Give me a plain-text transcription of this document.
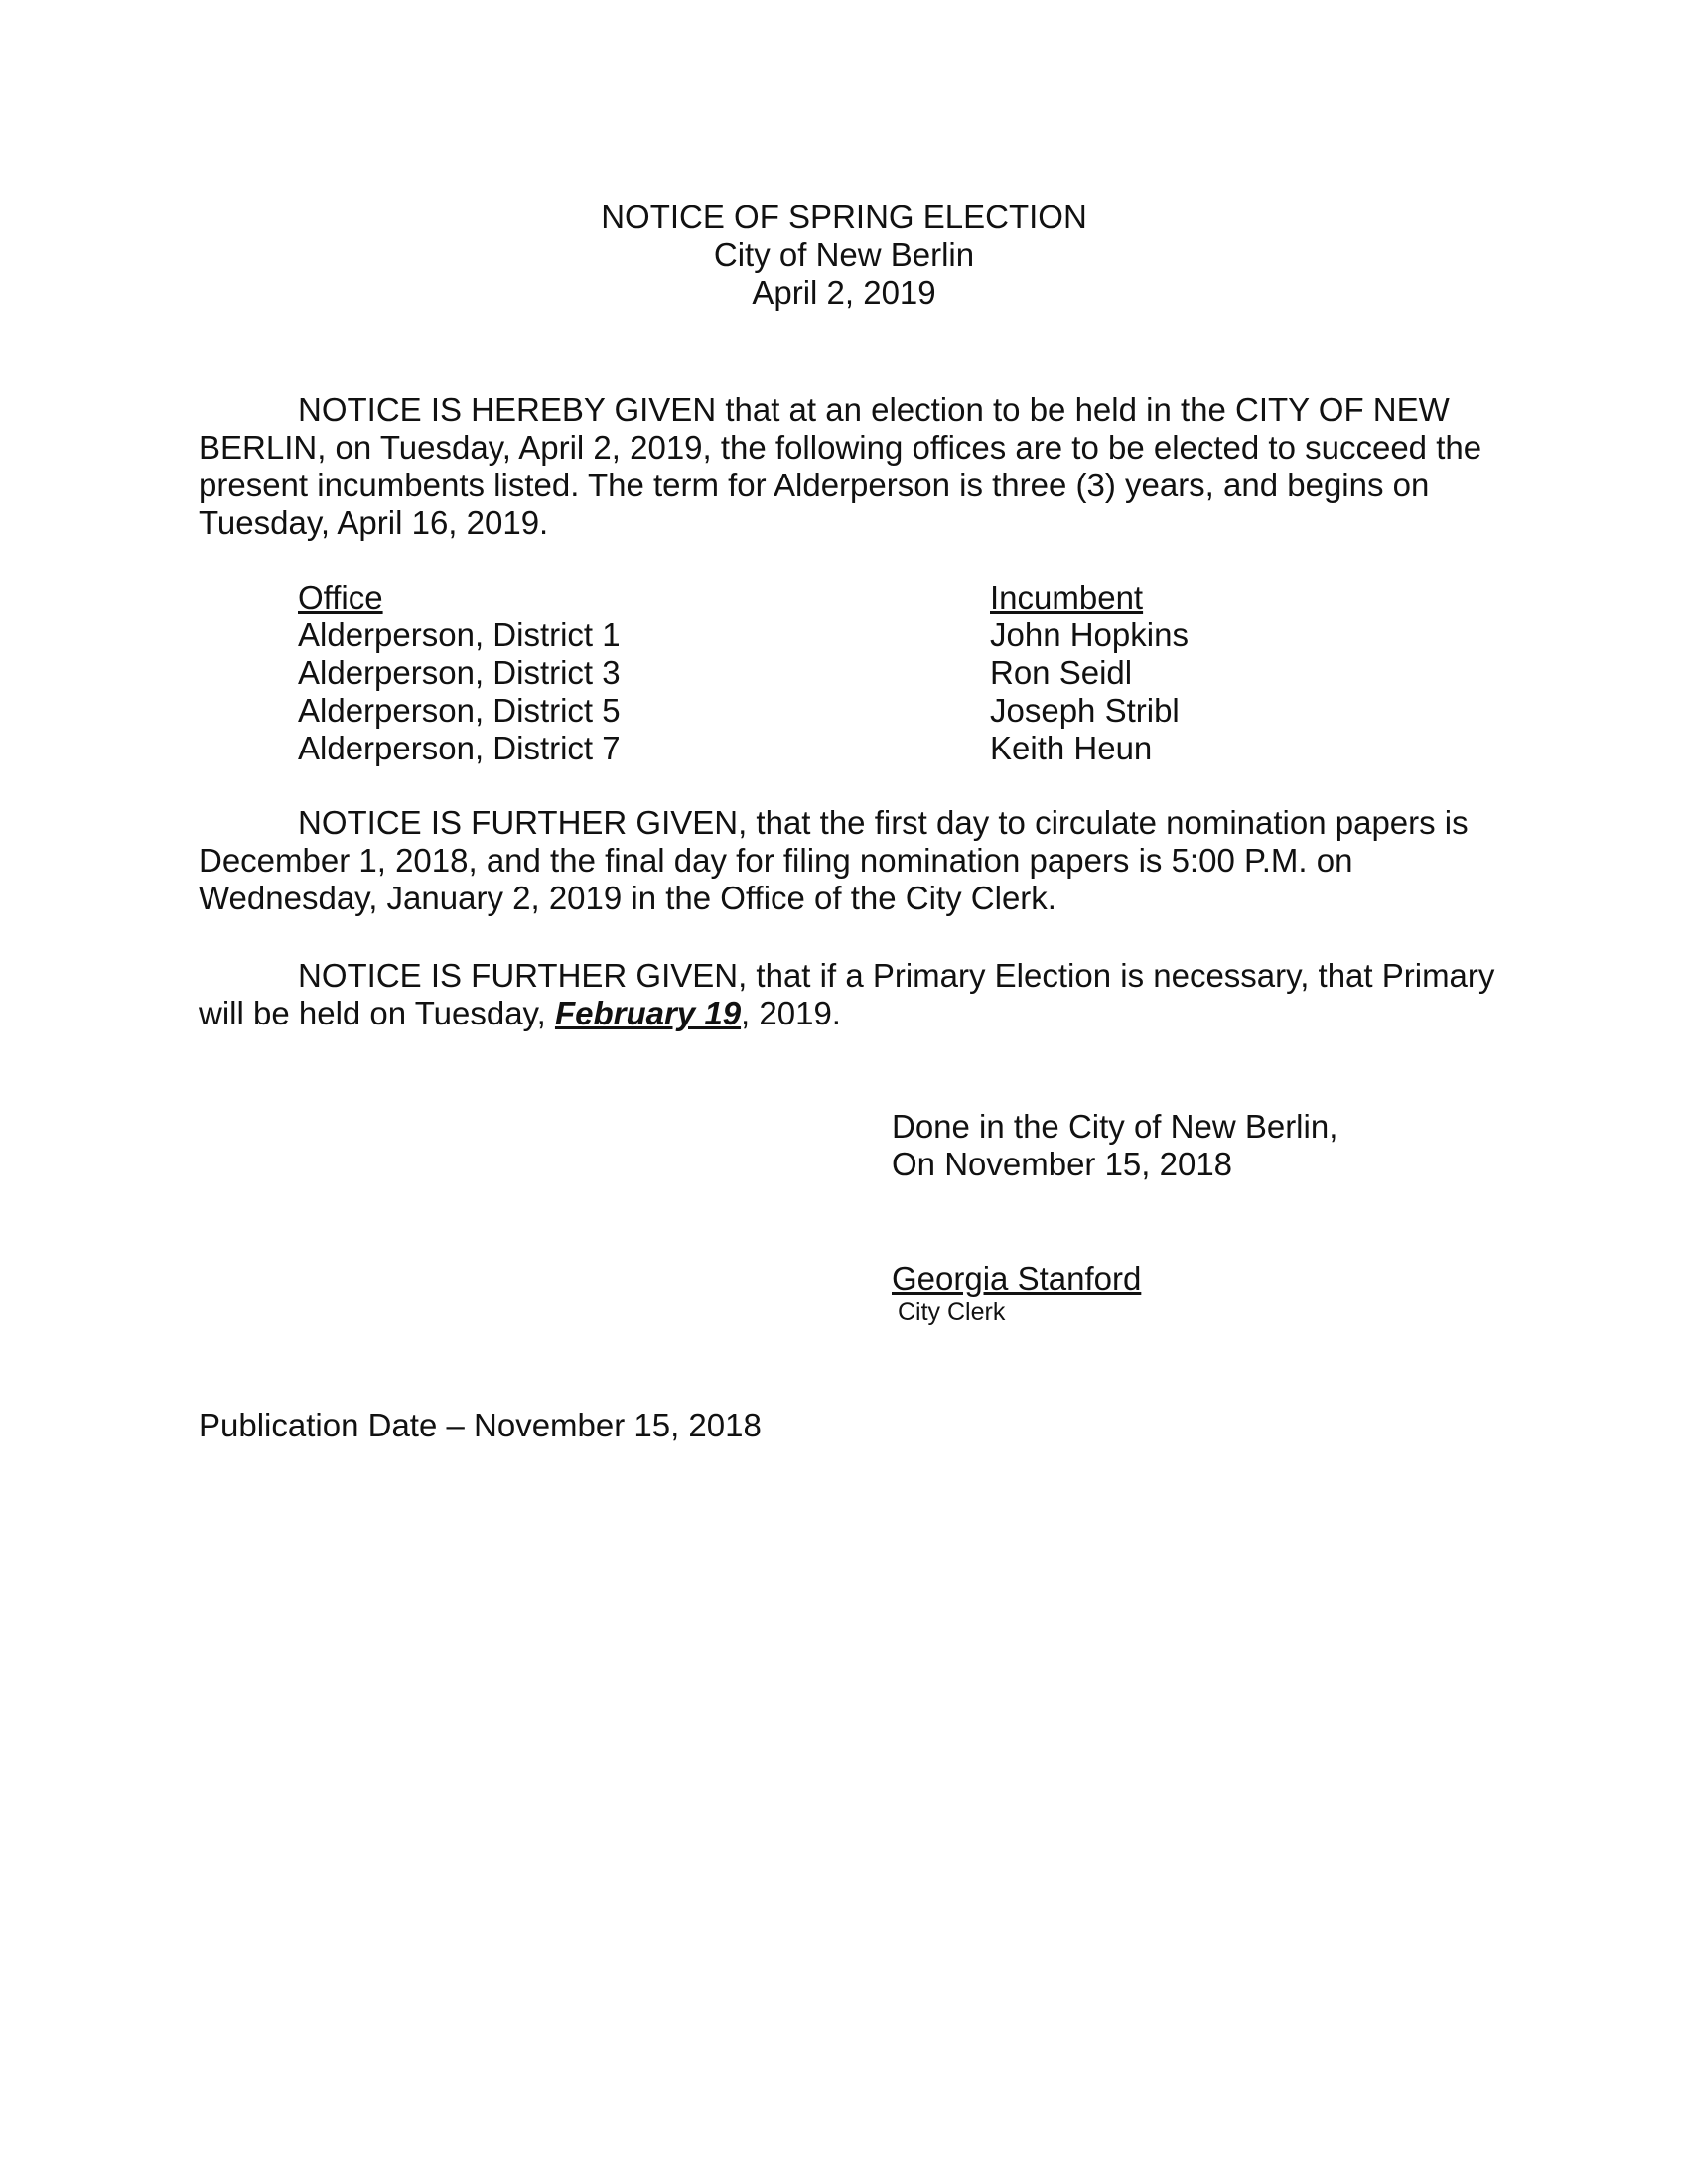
NOTICE OF SPRING ELECTION
City of New Berlin
April 2, 2019

NOTICE IS HEREBY GIVEN that at an election to be held in the CITY OF NEW BERLIN, on Tuesday, April 2, 2019, the following offices are to be elected to succeed the present incumbents listed. The term for Alderperson is three (3) years, and begins on Tuesday, April 16, 2019.

Office	Incumbent
Alderperson, District 1	John Hopkins
Alderperson, District 3	Ron Seidl
Alderperson, District 5	Joseph Stribl
Alderperson, District 7	Keith Heun

NOTICE IS FURTHER GIVEN, that the first day to circulate nomination papers is December 1, 2018, and the final day for filing nomination papers is 5:00 P.M. on Wednesday, January 2, 2019 in the Office of the City Clerk.

NOTICE IS FURTHER GIVEN, that if a Primary Election is necessary, that Primary will be held on Tuesday, February 19, 2019.

Done in the City of New Berlin,
On November 15, 2018
Georgia Stanford
City Clerk
Publication Date – November 15, 2018
